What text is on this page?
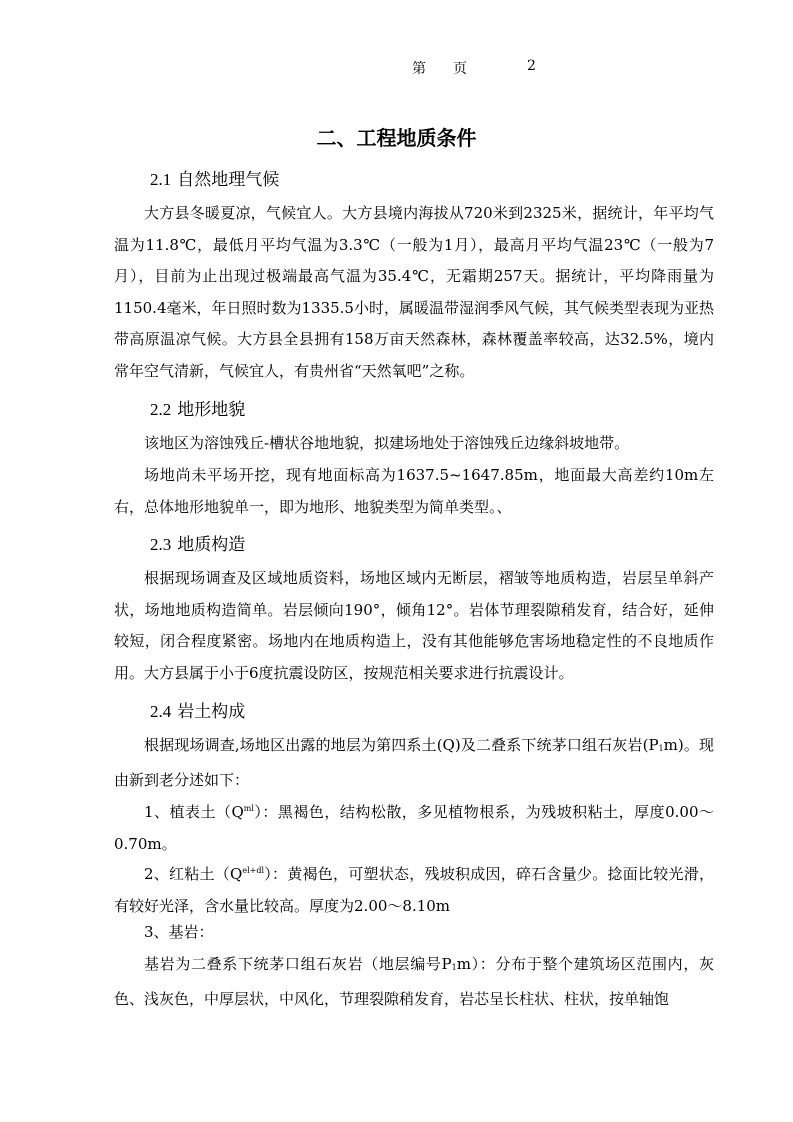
第 页	2
二、工程地质条件
2.1 自然地理气候
大方县冬暖夏凉，气候宜人。大方县境内海拔从720米到2325米，据统计，年平均气温为11.8℃，最低月平均气温为3.3℃（一般为1月），最高月平均气温23℃（一般为7月），目前为止出现过极端最高气温为35.4℃，无霜期257天。据统计，平均降雨量为1150.4毫米，年日照时数为1335.5小时，属暖温带湿润季风气候，其气候类型表现为亚热带高原温凉气候。大方县全县拥有158万亩天然森林，森林覆盖率较高，达32.5%，境内常年空气清新，气候宜人，有贵州省“天然氧吧”之称。
2.2 地形地貌
该地区为溶蚀残丘-槽状谷地地貌，拟建场地处于溶蚀残丘边缘斜坡地带。
场地尚未平场开挖，现有地面标高为1637.5~1647.85m，地面最大高差约10m左右，总体地形地貌单一，即为地形、地貌类型为简单类型。、
2.3 地质构造
根据现场调查及区域地质资料，场地区域内无断层，褶皱等地质构造，岩层呈单斜产状，场地地质构造简单。岩层倾向190°，倾角12°。岩体节理裂隙稍发育，结合好，延伸较短，闭合程度紧密。场地内在地质构造上，没有其他能够危害场地稳定性的不良地质作用。大方县属于小于6度抗震设防区，按规范相关要求进行抗震设计。
2.4 岩土构成
根据现场调查,场地区出露的地层为第四系土(Q)及二叠系下统茅口组石灰岩$(P_1m)$。现由新到老分述如下：
1、植表土$(Q^{ml})$：黑褐色，结构松散，多见植物根系，为残坡积粘土，厚度0.00～0.70m。
2、红粘土$(Q^{el+dl})$：黄褐色，可塑状态，残坡积成因，碎石含量少。捻面比较光滑，有较好光泽，含水量比较高。厚度为2.00～8.10m
3、基岩：
基岩为二叠系下统茅口组石灰岩（地层编号$P_1m$）：分布于整个建筑场区范围内，灰色、浅灰色，中厚层状，中风化，节理裂隙稍发育，岩芯呈长柱状、柱状，按单轴饱
